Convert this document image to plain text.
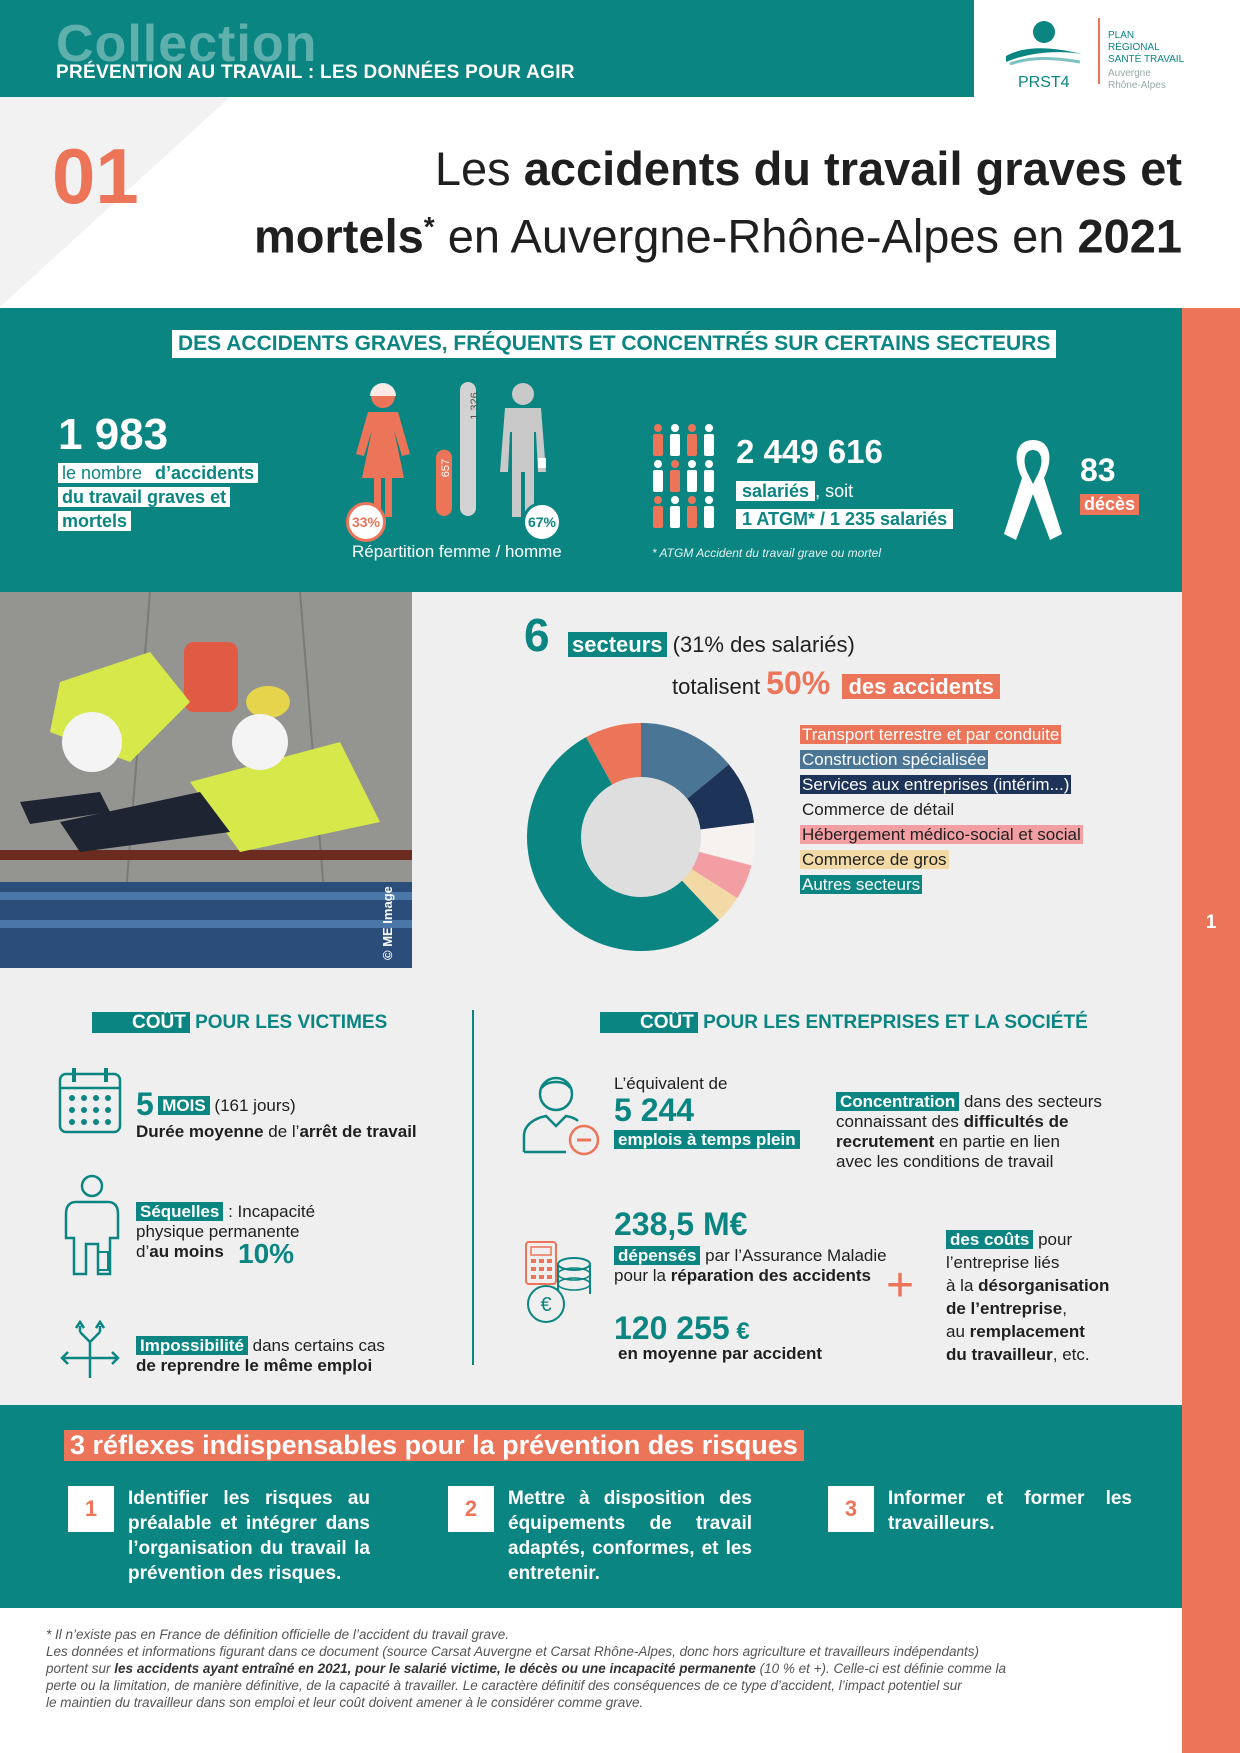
Collection
PRÉVENTION AU TRAVAIL : LES DONNÉES POUR AGIR	PRST4
PLAN
RÉGIONAL
SANTÉ TRAVAIL
Auvergne
Rhône-Alpes
01	Les accidents du travail graves et
mortels* en Auvergne-Rhône-Alpes en 2021
1
DES ACCIDENTS GRAVES, FRÉQUENTS ET CONCENTRÉS SUR CERTAINS SECTEURS
1 983
le nombre d’accidents
du travail graves et
mortels
657
1 326
33%	67%
Répartition femme / homme
2 449 616
salariés , soit
1 ATGM* / 1 235 salariés
* ATGM Accident du travail grave ou mortel
83
décès
© ME Image
6 secteurs (31% des salariés)
totalisent 50% des accidents
Transport terrestre et par conduite
Construction spécialisée
Services aux entreprises (intérim...)
Commerce de détail
Hébergement médico-social et social
Commerce de gros
Autres secteurs
COÛT POUR LES VICTIMES
5 MOIS (161 jours)
Durée moyenne de l’arrêt de travail
Séquelles : Incapacité
physique permanente
d’au moins 10%
Impossibilité dans certains cas
de reprendre le même emploi
COÛT POUR LES ENTREPRISES ET LA SOCIÉTÉ
L’équivalent de
5 244
emplois à temps plein
Concentration dans des secteurs
connaissant des difficultés de
recrutement en partie en lien
avec les conditions de travail
€
238,5 M€
dépensés par l’Assurance Maladie
pour la réparation des accidents
120 255 €
en moyenne par accident
+
des coûts pour
l’entreprise liés
à la désorganisation
de l’entreprise,
au remplacement
du travailleur, etc.
3 réflexes indispensables pour la prévention des risques
1	Identifier les risques au préalable et intégrer dans l’organisation du travail la prévention des risques.
2	Mettre à disposition des équipements de travail adaptés, conformes, et les entretenir.
3	Informer et former les travailleurs.
* Il n’existe pas en France de définition officielle de l’accident du travail grave.
Les données et informations figurant dans ce document (source Carsat Auvergne et Carsat Rhône-Alpes, donc hors agriculture et travailleurs indépendants)
portent sur les accidents ayant entraîné en 2021, pour le salarié victime, le décès ou une incapacité permanente (10 % et +). Celle-ci est définie comme la
perte ou la limitation, de manière définitive, de la capacité à travailler. Le caractère définitif des conséquences de ce type d’accident, l’impact potentiel sur
le maintien du travailleur dans son emploi et leur coût doivent amener à le considérer comme grave.
